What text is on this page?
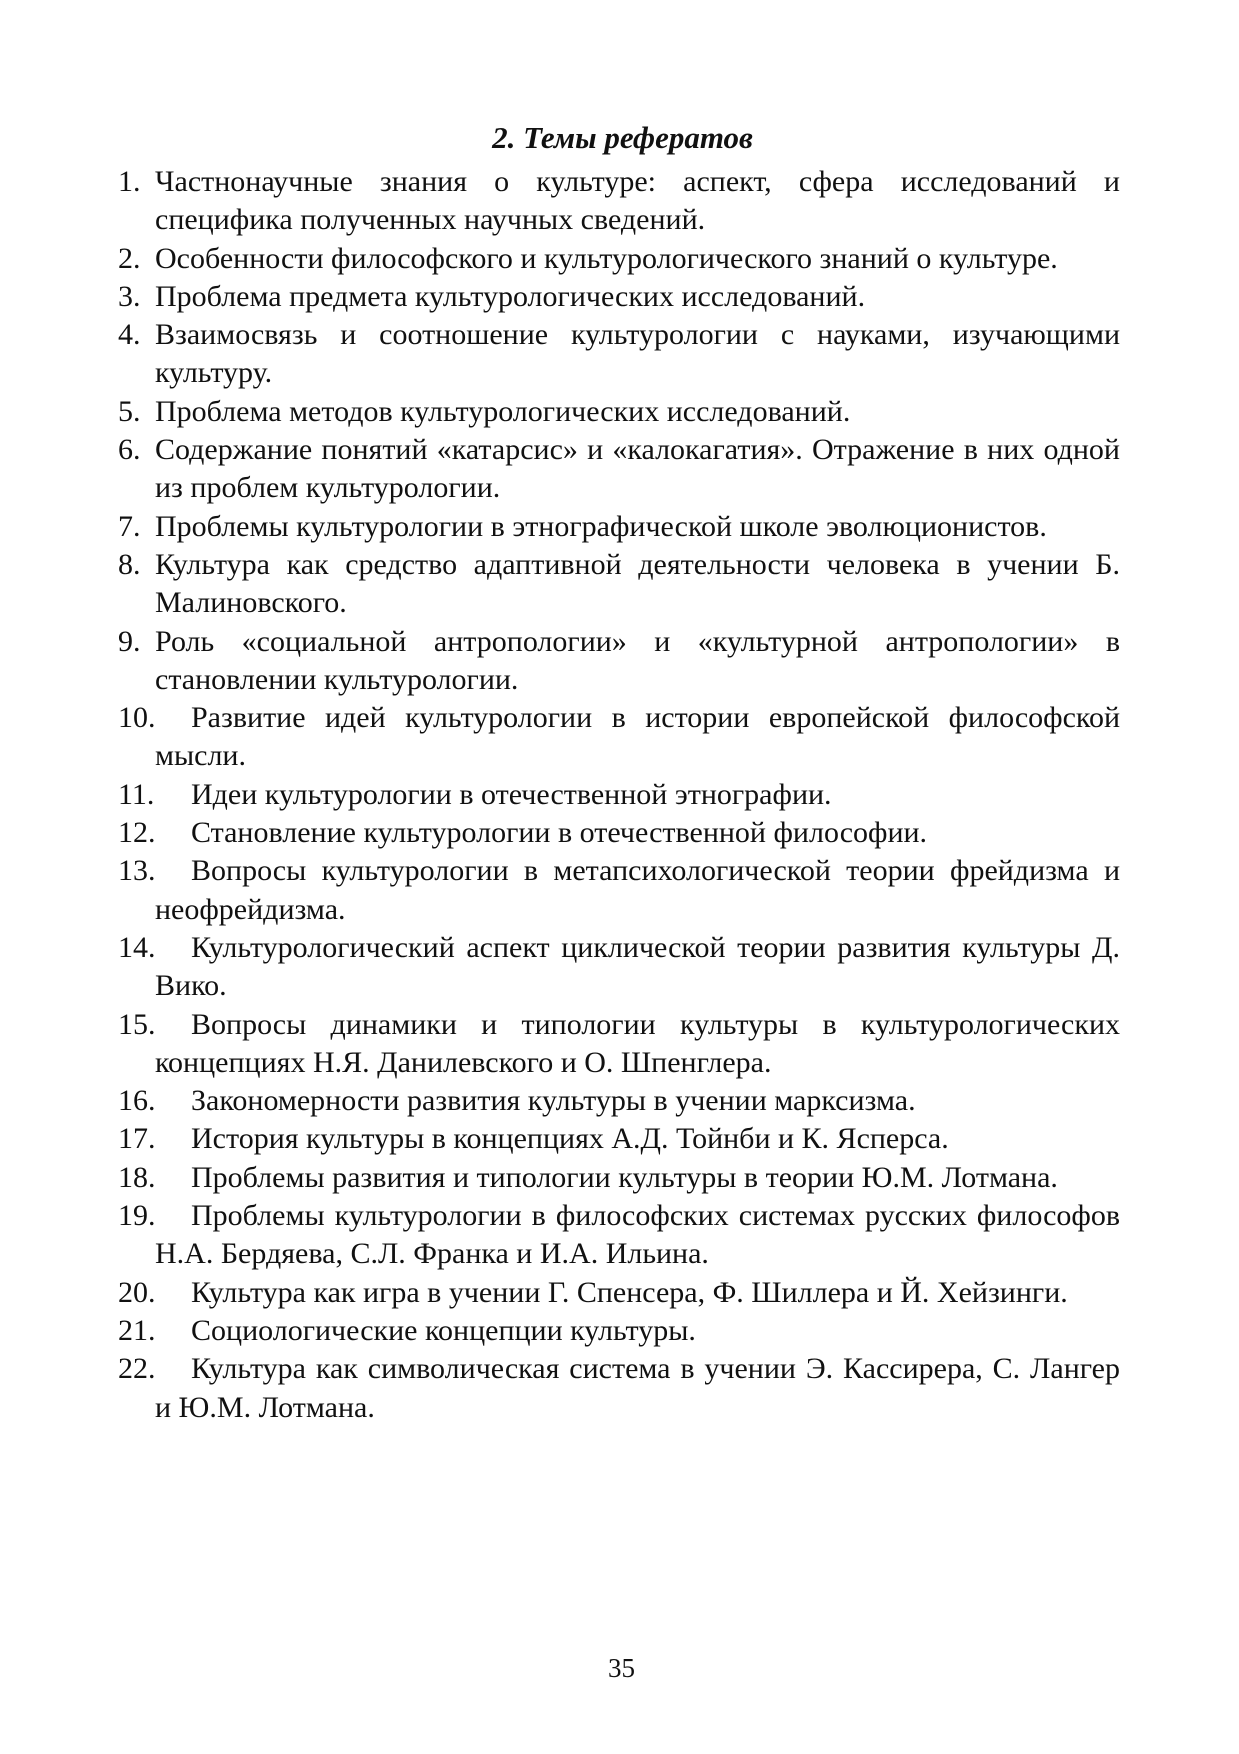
2. Темы рефератов
1. Частнонаучные знания о культуре: аспект, сфера исследований и специфика полученных научных сведений.
2. Особенности философского и культурологического знаний о культуре.
3. Проблема предмета культурологических исследований.
4. Взаимосвязь и соотношение культурологии с науками, изучающими культуру.
5. Проблема методов культурологических исследований.
6. Содержание понятий «катарсис» и «калокагатия». Отражение в них одной из проблем культурологии.
7. Проблемы культурологии в этнографической школе эволюционистов.
8. Культура как средство адаптивной деятельности человека в учении Б. Малиновского.
9. Роль «социальной антропологии» и «культурной антропологии» в становлении культурологии.
10. Развитие идей культурологии в истории европейской философской мысли.
11. Идеи культурологии в отечественной этнографии.
12. Становление культурологии в отечественной философии.
13. Вопросы культурологии в метапсихологической теории фрейдизма и неофрейдизма.
14. Культурологический аспект циклической теории развития культуры Д. Вико.
15. Вопросы динамики и типологии культуры в культурологических концепциях Н.Я. Данилевского и О. Шпенглера.
16. Закономерности развития культуры в учении марксизма.
17. История культуры в концепциях А.Д. Тойнби и К. Ясперса.
18. Проблемы развития и типологии культуры в теории Ю.М. Лотмана.
19. Проблемы культурологии в философских системах русских философов Н.А. Бердяева, С.Л. Франка и И.А. Ильина.
20. Культура как игра в учении Г. Спенсера, Ф. Шиллера и Й. Хейзинги.
21. Социологические концепции культуры.
22. Культура как символическая система в учении Э. Кассирера, С. Лангер и Ю.М. Лотмана.
35
